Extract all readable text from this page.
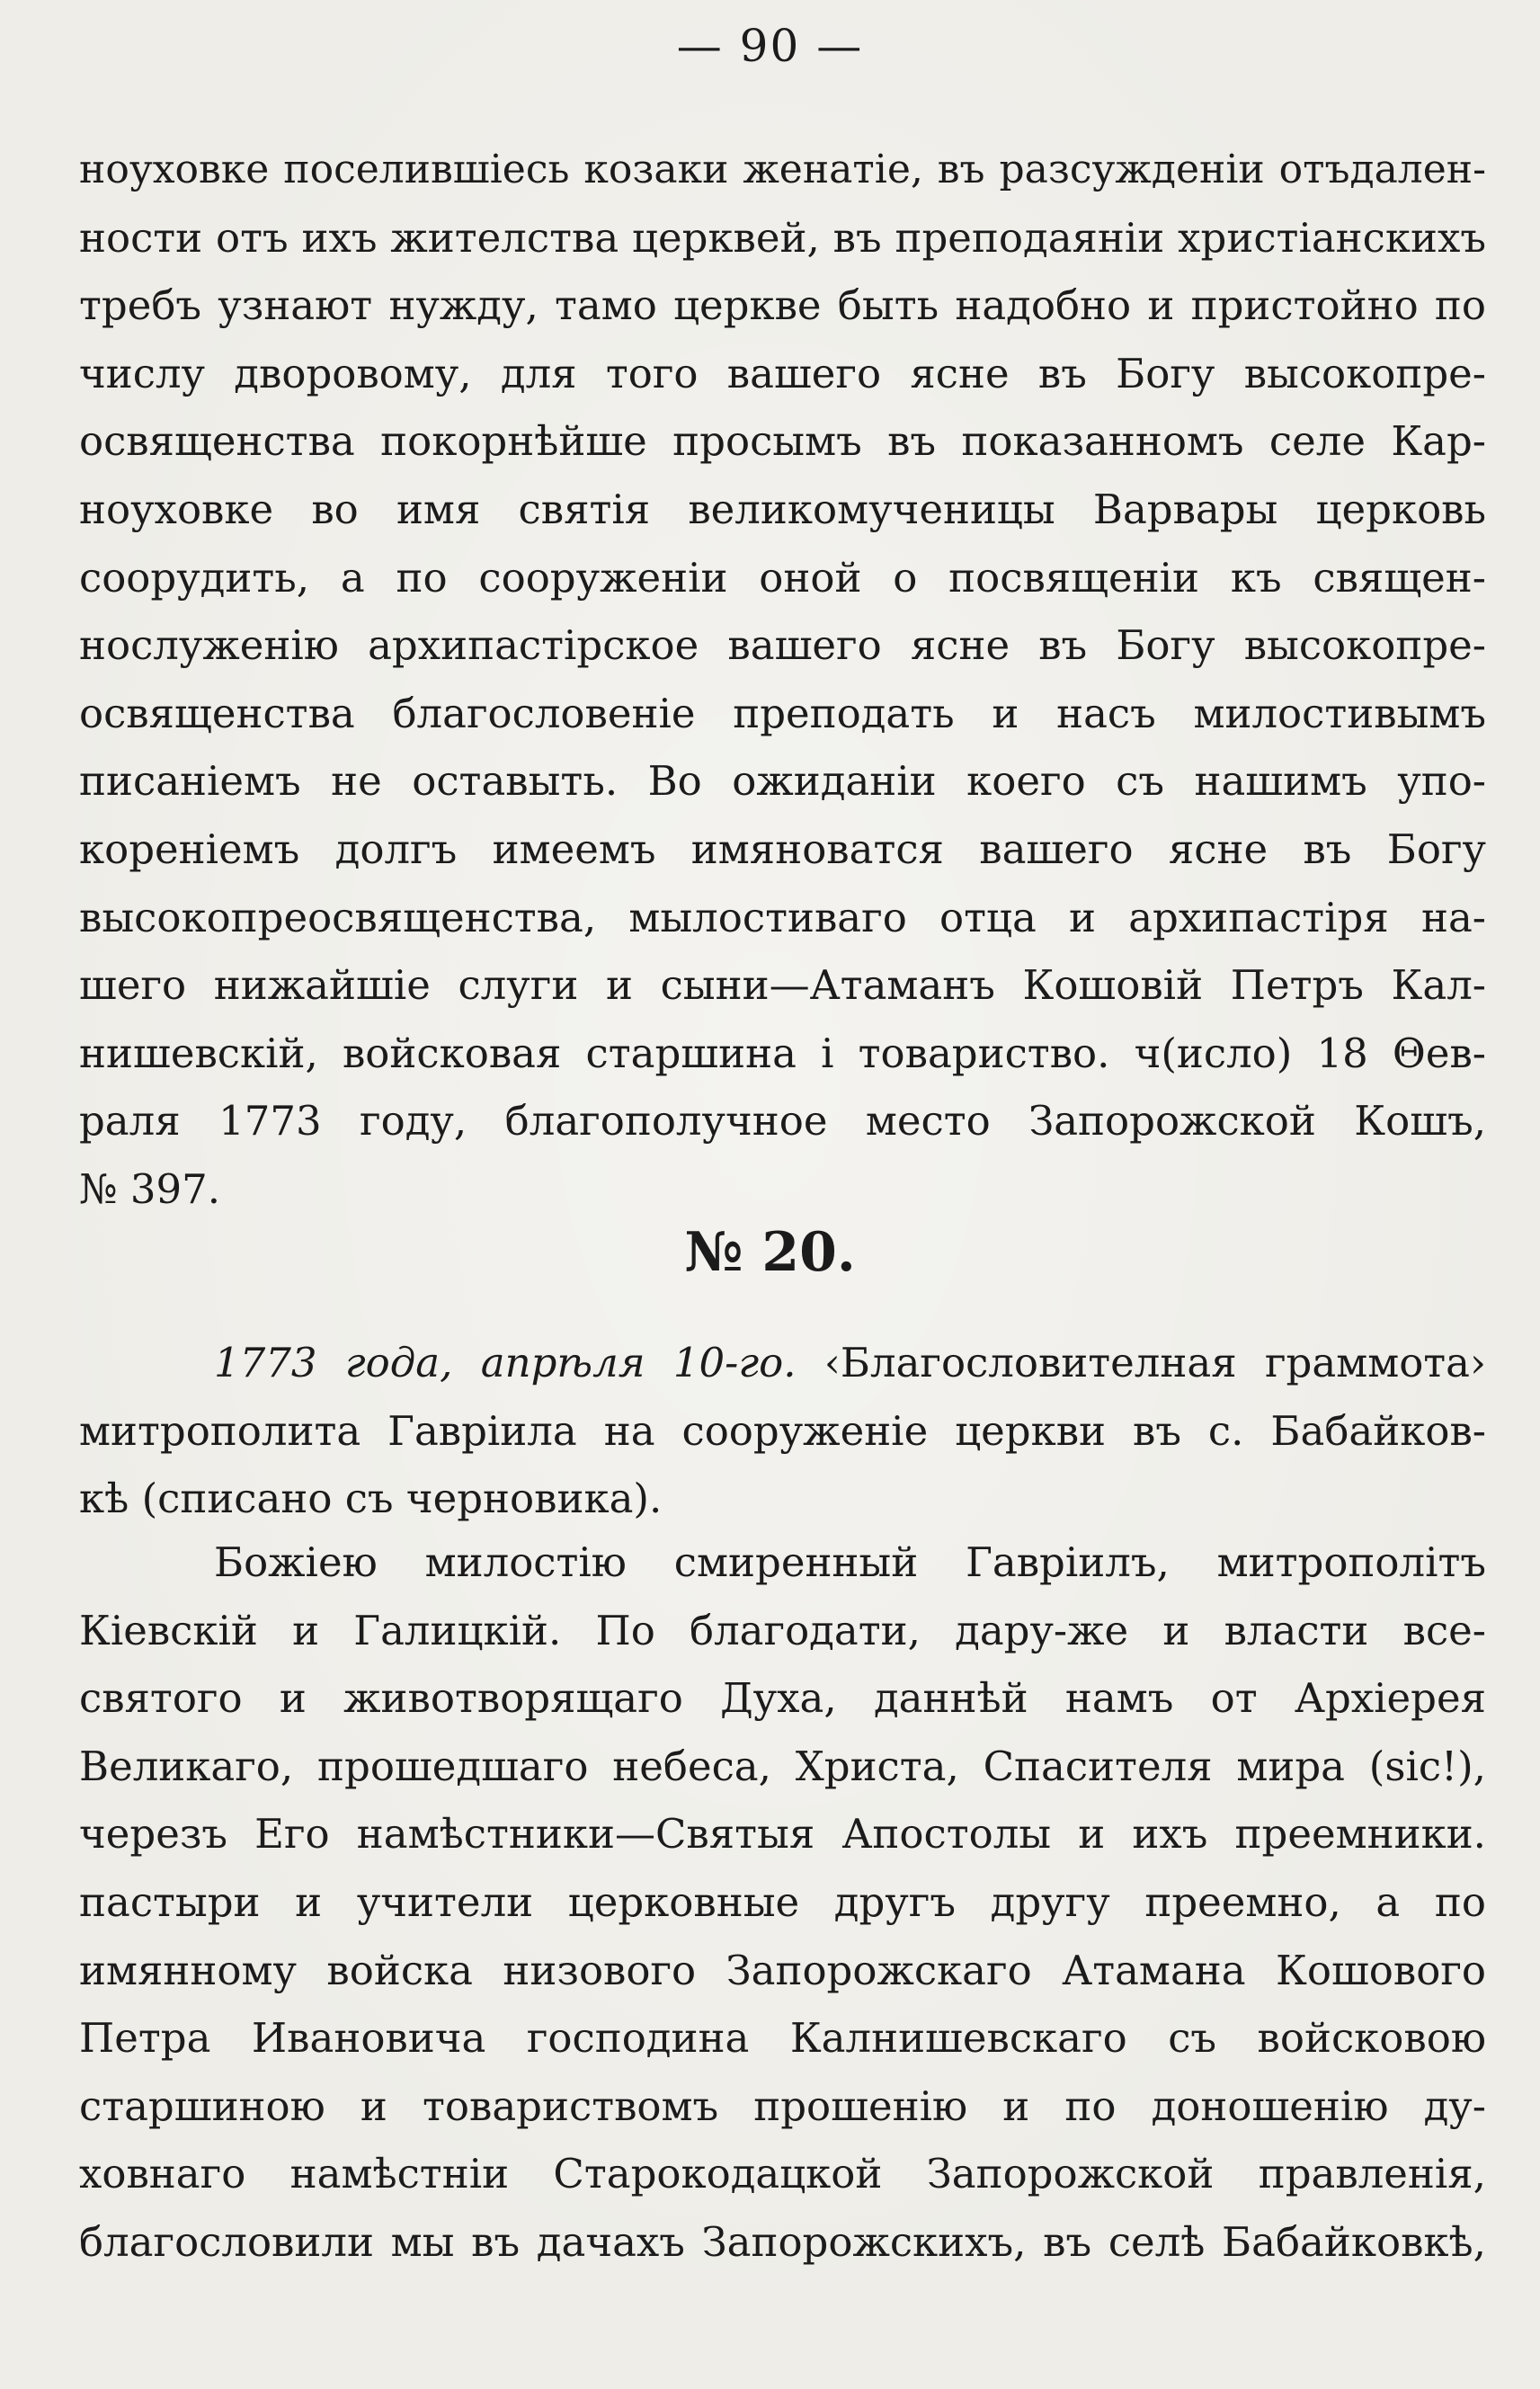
— 90 —
ноуховке поселившiесь козаки женатiе, въ разсужденiи отъдален-
ности отъ ихъ жителства церквей, въ преподаянiи христiанскихъ
требъ узнают нужду, тамо церкве быть надобно и пристойно по
числу дворовому, для того вашего ясне въ Богу высокопре-
освященства покорнѣйше просымъ въ показанномъ селе Кар-
ноуховке во имя святiя великомученицы Варвары церковь
соорудить, а по сооруженiи оной о посвященiи къ священ-
нослуженiю архипастiрское вашего ясне въ Богу высокопре-
освященства благословенiе преподать и насъ милостивымъ
писанiемъ не оставыть. Во ожиданiи коего съ нашимъ упо-
коренiемъ долгъ имеемъ имяноватся вашего ясне въ Богу
высокопреосвященства, мылостиваго отца и архипастiря на-
шего нижайшiе слуги и сыни—Атаманъ Кошовiй Петръ Кал-
нишевскiй, войсковая старшина i товариство. ч(исло) 18 Θев-
раля 1773 году, благополучное место Запорожской Кошъ,
№ 397.
№ 20.
1773 года, апрѣля 10-го. ‹Благословителная граммота›
митрополита Гаврiила на сооруженiе церкви въ с. Бабайков-
кѣ (списано съ черновика).
Божiею милостiю смиренный Гаврiилъ, митрополiтъ
Кiевскiй и Галицкiй. По благодати, дару-же и власти все-
святого и животворящаго Духа, даннѣй намъ от Архiерея
Великаго, прошедшаго небеса, Христа, Спасителя мира (sic!),
черезъ Его намѣстники—Святыя Апостолы и ихъ преемники.
пастыри и учители церковные другъ другу преемно, а по
имянному войска низового Запорожскаго Атамана Кошового
Петра Ивановича господина Калнишевскаго съ войсковою
старшиною и товариствомъ прошенiю и по доношенiю ду-
ховнаго намѣстнiи Старокодацкой Запорожской правленiя,
благословили мы въ дачахъ Запорожскихъ, въ селѣ Бабайковкѣ,
